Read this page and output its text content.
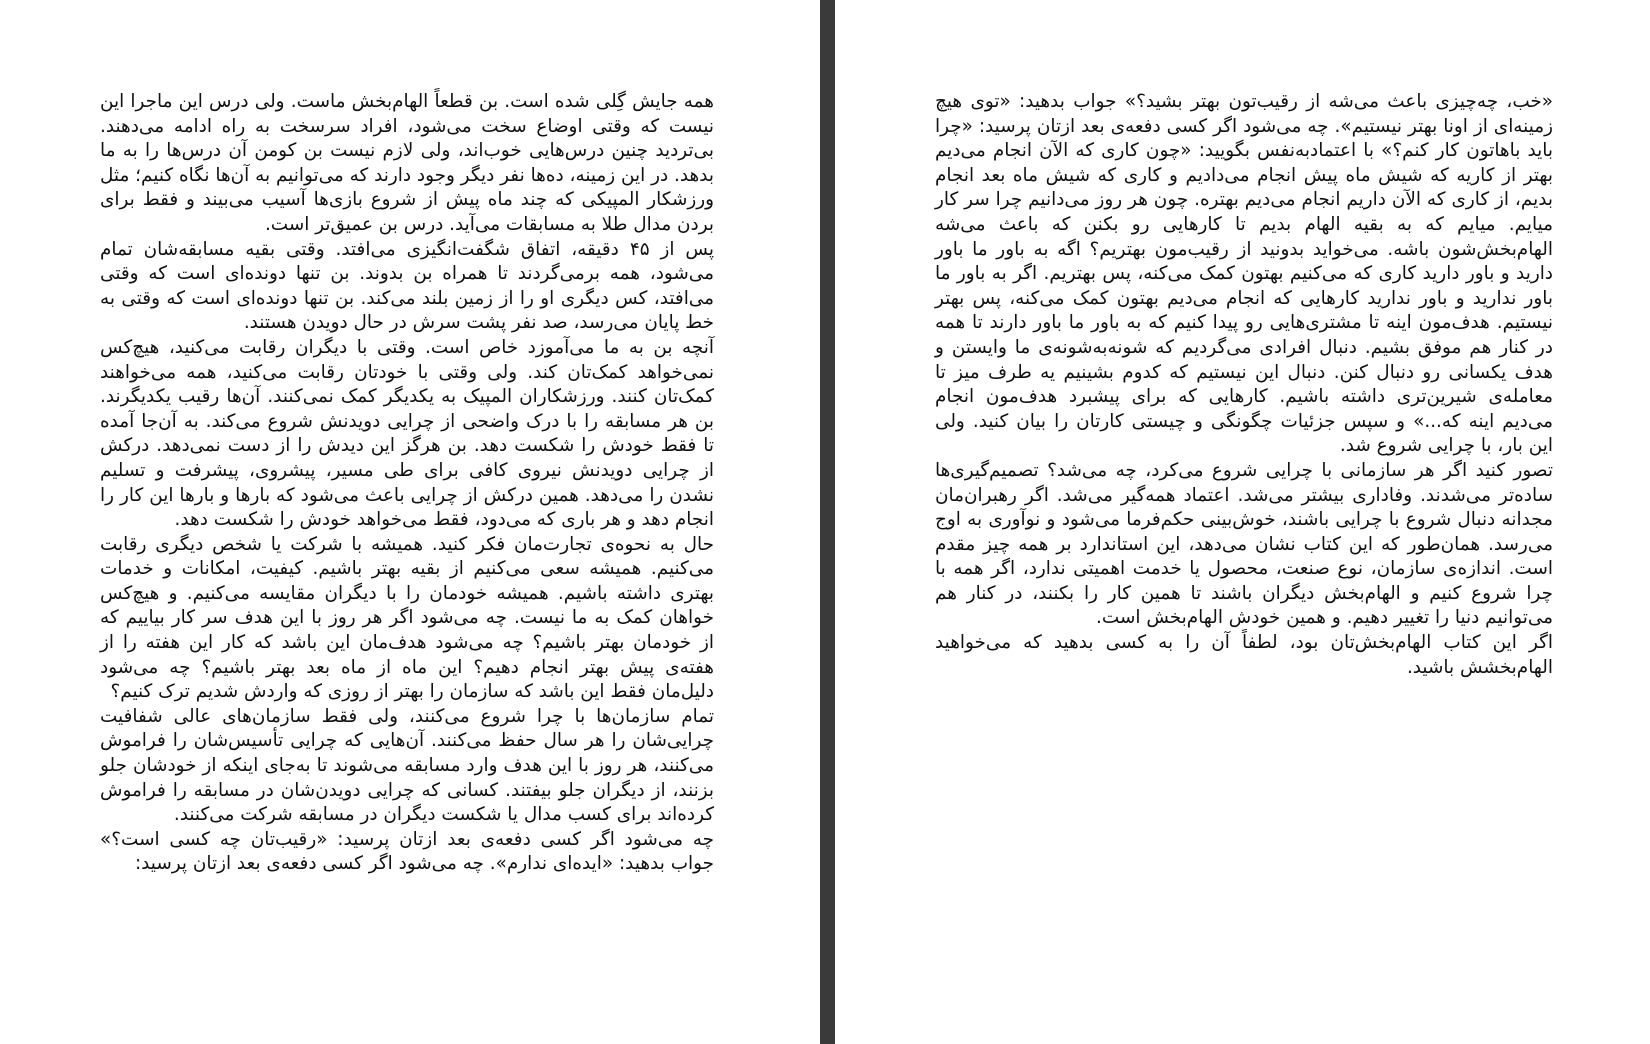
همه جایش گِلی شده است. بن قطعاً الهام‌بخش ماست. ولی درس این ماجرا این نیست که وقتی اوضاع سخت می‌شود، افراد سرسخت به راه ادامه می‌دهند. بی‌تردید چنین درس‌هایی خوب‌اند، ولی لازم نیست بن کومن آن درس‌ها را به ما بدهد. در این زمینه، ده‌ها نفر دیگر وجود دارند که می‌توانیم به آن‌ها نگاه کنیم؛ مثل ورزشکار المپیکی که چند ماه پیش از شروع بازی‌ها آسیب می‌بیند و فقط برای بردن مدال طلا به مسابقات می‌آید. درس بن عمیق‌تر است.

پس از ۴۵ دقیقه، اتفاق شگفت‌انگیزی می‌افتد. وقتی بقیه مسابقه‌شان تمام می‌شود، همه برمی‌گردند تا همراه بن بدوند. بن تنها دونده‌ای است که وقتی می‌افتد، کس دیگری او را از زمین بلند می‌کند. بن تنها دونده‌ای است که وقتی به خط پایان می‌رسد، صد نفر پشت سرش در حال دویدن هستند.

آنچه بن به ما می‌آموزد خاص است. وقتی با دیگران رقابت می‌کنید، هیچ‌کس نمی‌خواهد کمک‌تان کند. ولی وقتی با خودتان رقابت می‌کنید، همه می‌خواهند کمک‌تان کنند. ورزشکاران المپیک به یکدیگر کمک نمی‌کنند. آن‌ها رقیب یکدیگرند. بن هر مسابقه را با درک واضحی از چرایی دویدنش شروع می‌کند. به آن‌جا آمده تا فقط خودش را شکست دهد. بن هرگز این دیدش را از دست نمی‌دهد. درکش از چرایی دویدنش نیروی کافی برای طی مسیر، پیشروی، پیشرفت و تسلیم نشدن را می‌دهد. همین درکش از چرایی باعث می‌شود که بارها و بارها این کار را انجام دهد و هر باری که می‌دود، فقط می‌خواهد خودش را شکست دهد.

حال به نحوه‌ی تجارت‌مان فکر کنید. همیشه با شرکت یا شخص دیگری رقابت می‌کنیم. همیشه سعی می‌کنیم از بقیه بهتر باشیم. کیفیت، امکانات و خدمات بهتری داشته باشیم. همیشه خودمان را با دیگران مقایسه می‌کنیم. و هیچ‌کس خواهان کمک به ما نیست. چه می‌شود اگر هر روز با این هدف سر کار بیاییم که از خودمان بهتر باشیم؟ چه می‌شود هدف‌مان این باشد که کار این هفته را از هفته‌ی پیش بهتر انجام دهیم؟ این ماه از ماه بعد بهتر باشیم؟ چه می‌شود دلیل‌مان فقط این باشد که سازمان را بهتر از روزی که واردش شدیم ترک کنیم؟

تمام سازمان‌ها با چرا شروع می‌کنند، ولی فقط سازمان‌های عالی شفافیت چرایی‌شان را هر سال حفظ می‌کنند. آن‌هایی که چرایی تأسیس‌شان را فراموش می‌کنند، هر روز با این هدف وارد مسابقه می‌شوند تا به‌جای اینکه از خودشان جلو بزنند، از دیگران جلو بیفتند. کسانی که چرایی دویدن‌شان در مسابقه را فراموش کرده‌اند برای کسب مدال یا شکست دیگران در مسابقه شرکت می‌کنند.

چه می‌شود اگر کسی دفعه‌ی بعد ازتان پرسید: «رقیب‌تان چه کسی است؟» جواب بدهید: «ایده‌ای ندارم». چه می‌شود اگر کسی دفعه‌ی بعد ازتان پرسید:

«خب، چه‌چیزی باعث می‌شه از رقیب‌تون بهتر بشید؟» جواب بدهید: «توی هیچ زمینه‌ای از اونا بهتر نیستیم». چه می‌شود اگر کسی دفعه‌ی بعد ازتان پرسید: «چرا باید باهاتون کار کنم؟» با اعتمادبه‌نفس بگویید: «چون کاری که الآن انجام می‌دیم بهتر از کاریه که شیش ماه پیش انجام می‌دادیم و کاری که شیش ماه بعد انجام بدیم، از کاری که الآن داریم انجام می‌دیم بهتره. چون هر روز می‌دانیم چرا سر کار میایم. میایم که به بقیه الهام بدیم تا کارهایی رو بکنن که باعث می‌شه الهام‌بخش‌شون باشه. می‌خواید بدونید از رقیب‌مون بهتریم؟ اگه به باور ما باور دارید و باور دارید کاری که می‌کنیم بهتون کمک می‌کنه، پس بهتریم. اگر به باور ما باور ندارید و باور ندارید کارهایی که انجام می‌دیم بهتون کمک می‌کنه، پس بهتر نیستیم. هدف‌مون اینه تا مشتری‌هایی رو پیدا کنیم که به باور ما باور دارند تا همه در کنار هم موفق بشیم. دنبال افرادی می‌گردیم که شونه‌به‌شونه‌ی ما وایستن و هدف یکسانی رو دنبال کنن. دنبال این نیستیم که کدوم بشینیم یه طرف میز تا معامله‌ی شیرین‌تری داشته باشیم. کارهایی که برای پیشبرد هدف‌مون انجام می‌دیم اینه که...» و سپس جزئیات چگونگی و چیستی کارتان را بیان کنید. ولی این بار، با چرایی شروع شد.

تصور کنید اگر هر سازمانی با چرایی شروع می‌کرد، چه می‌شد؟ تصمیم‌گیری‌ها ساده‌تر می‌شدند. وفاداری بیشتر می‌شد. اعتماد همه‌گیر می‌شد. اگر رهبران‌مان مجدانه دنبال شروع با چرایی باشند، خوش‌بینی حکم‌فرما می‌شود و نوآوری به اوج می‌رسد. همان‌طور که این کتاب نشان می‌دهد، این استاندارد بر همه چیز مقدم است. اندازه‌ی سازمان، نوع صنعت، محصول یا خدمت اهمیتی ندارد، اگر همه با چرا شروع کنیم و الهام‌بخش دیگران باشند تا همین کار را بکنند، در کنار هم می‌توانیم دنیا را تغییر دهیم. و همین خودش الهام‌بخش است.

اگر این کتاب الهام‌بخش‌تان بود، لطفاً آن را به کسی بدهید که می‌خواهید الهام‌بخشش باشید.
